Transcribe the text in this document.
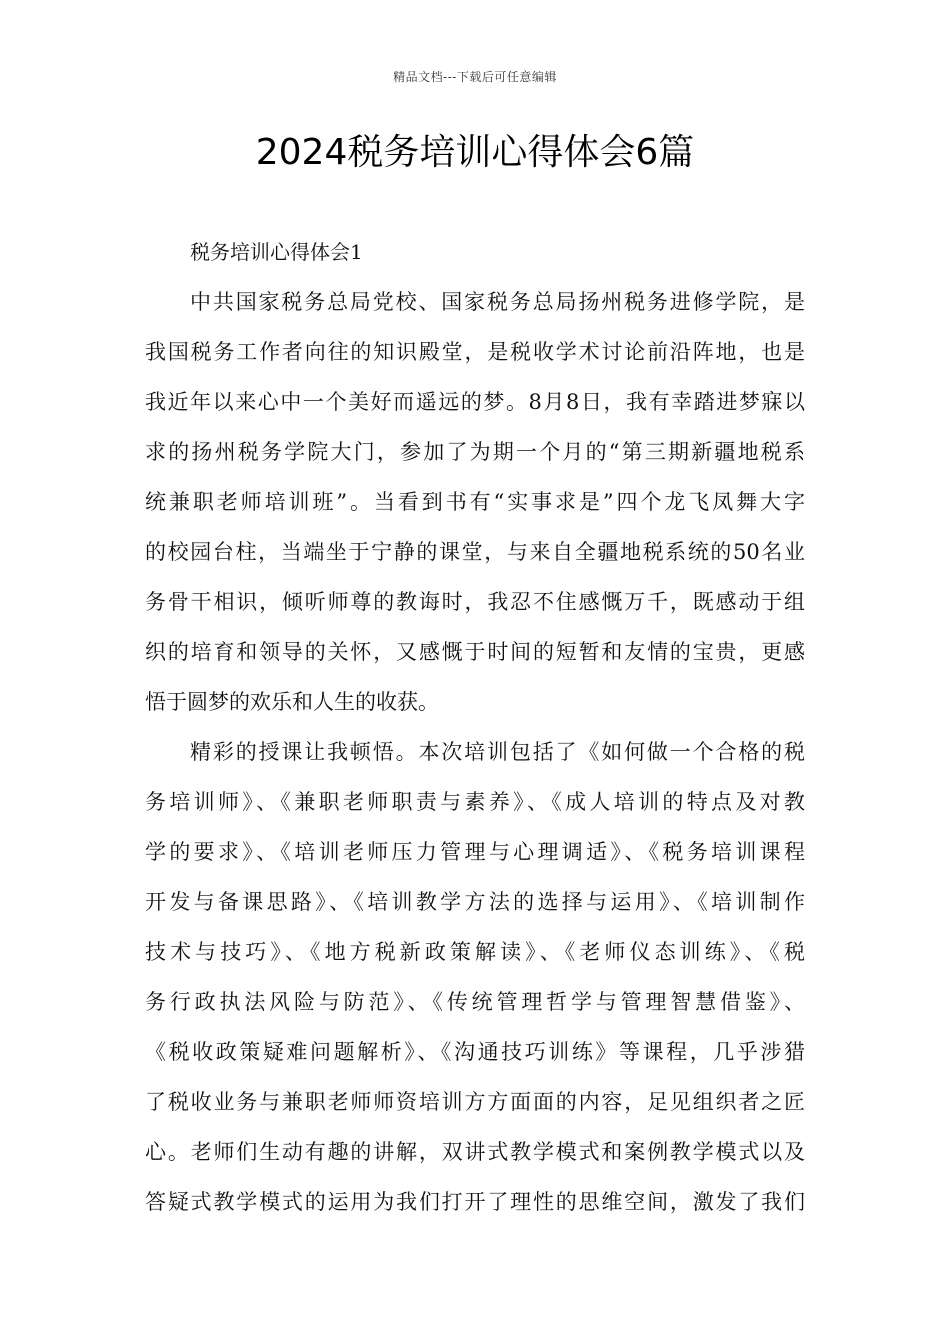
精品文档---下载后可任意编辑
2024税务培训心得体会6篇

税务培训心得体会1

中共国家税务总局党校、国家税务总局扬州税务进修学院，是
我国税务工作者向往的知识殿堂，是税收学术讨论前沿阵地，也是
我近年以来心中一个美好而遥远的梦。8月8日，我有幸踏进梦寐以
求的扬州税务学院大门，参加了为期一个月的“第三期新疆地税系
统兼职老师培训班”。当看到书有“实事求是”四个龙飞凤舞大字
的校园台柱，当端坐于宁静的课堂，与来自全疆地税系统的50名业
务骨干相识，倾听师尊的教诲时，我忍不住感慨万千，既感动于组
织的培育和领导的关怀，又感慨于时间的短暂和友情的宝贵，更感
悟于圆梦的欢乐和人生的收获。
精彩的授课让我顿悟。本次培训包括了《如何做一个合格的税
务培训师》、《兼职老师职责与素养》、《成人培训的特点及对教
学的要求》、《培训老师压力管理与心理调适》、《税务培训课程
开发与备课思路》、《培训教学方法的选择与运用》、《培训制作
技术与技巧》、《地方税新政策解读》、《老师仪态训练》、《税
务行政执法风险与防范》、《传统管理哲学与管理智慧借鉴》、
《税收政策疑难问题解析》、《沟通技巧训练》等课程，几乎涉猎
了税收业务与兼职老师师资培训方方面面的内容，足见组织者之匠
心。老师们生动有趣的讲解，双讲式教学模式和案例教学模式以及
答疑式教学模式的运用为我们打开了理性的思维空间，激发了我们
